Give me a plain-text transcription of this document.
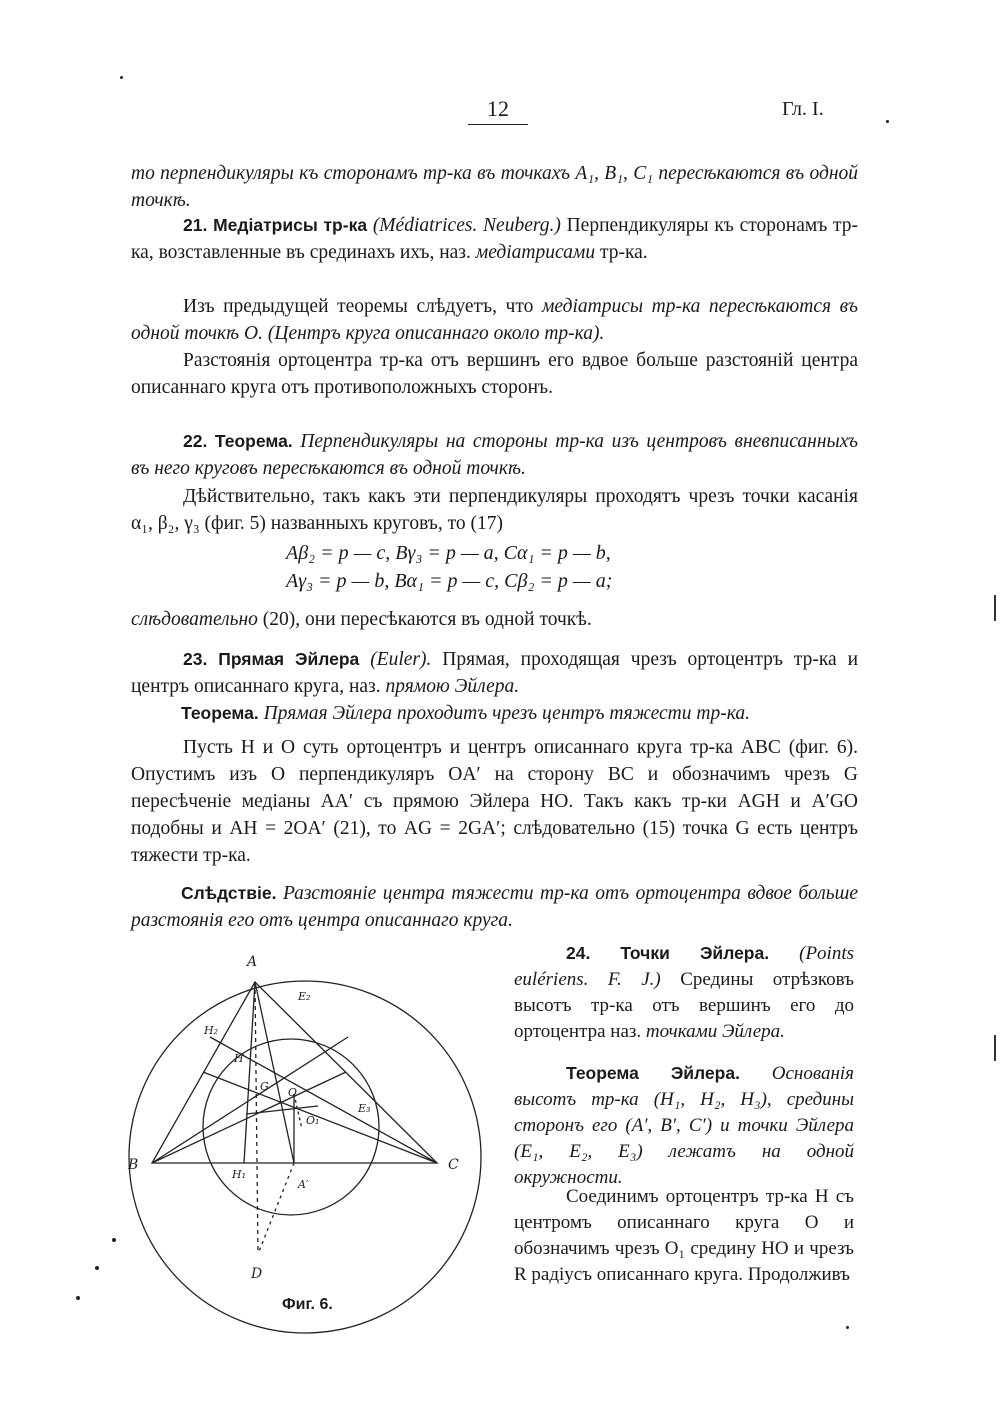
12	Гл. I.

то перпендикуляры къ сторонамъ тр-ка въ точкахъ A₁, B₁, C₁ пересѣкаются въ одной точкѣ.

21. Медіатрисы тр-ка (Médiatrices. Neuberg.) Перпендикуляры къ сторонамъ тр-ка, возставленные въ срединахъ ихъ, наз. медіатрисами тр-ка.

Изъ предыдущей теоремы слѣдуетъ, что медіатрисы тр-ка пересѣкаются въ одной точкѣ O. (Центръ круга описаннаго около тр-ка).

Разстоянія ортоцентра тр-ка отъ вершинъ его вдвое больше разстояній центра описаннаго круга отъ противоположныхъ сторонъ.

22. Теорема. Перпендикуляры на стороны тр-ка изъ центровъ вневписанныхъ въ него круговъ пересѣкаются въ одной точкѣ.

Дѣйствительно, такъ какъ эти перпендикуляры проходятъ чрезъ точки касанія α₁, β₂, γ₃ (фиг. 5) названныхъ круговъ, то (17)

Aβ₂ = p — c, Bγ₃ = p — a, Cα₁ = p — b,
Aγ₃ = p — b, Bα₁ = p — c, Cβ₂ = p — a;

слѣдовательно (20), они пересѣкаются въ одной точкѣ.

23. Прямая Эйлера (Euler). Прямая, проходящая чрезъ ортоцентръ тр-ка и центръ описаннаго круга, наз. прямою Эйлера.

Теорема. Прямая Эйлера проходитъ чрезъ центръ тяжести тр-ка.

Пусть H и O суть ортоцентръ и центръ описаннаго круга тр-ка ABC (фиг. 6). Опустимъ изъ O перпендикуляръ OA′ на сторону BC и обозначимъ чрезъ G пересѣченіе медіаны AA′ съ прямою Эйлера HO. Такъ какъ тр-ки AGH и A′GO подобны и AH = 2OA′ (21), то AG = 2GA′; слѣдовательно (15) точка G есть центръ тяжести тр-ка.

Слѣдствіе. Разстояніе центра тяжести тр-ка отъ ортоцентра вдвое больше разстоянія его отъ центра описаннаго круга.

A
B	C
D
E₂
E₃
H₁
H₂
H
G O
A′
O₁
Фиг. 6.

24. Точки Эйлера. (Points eulériens. F. J.) Средины отрѣзковъ высотъ тр-ка отъ вершинъ его до ортоцентра наз. точками Эйлера.

Теорема Эйлера. Основанія высотъ тр-ка (H₁, H₂, H₃), средины сторонъ его (A′, B′, C′) и точки Эйлера (E₁, E₂, E₃) лежатъ на одной окружности.

Соединимъ ортоцентръ тр-ка H съ центромъ описаннаго круга O и обозначимъ чрезъ O₁ средину HO и чрезъ R радіусъ описаннаго круга. Продолживъ
